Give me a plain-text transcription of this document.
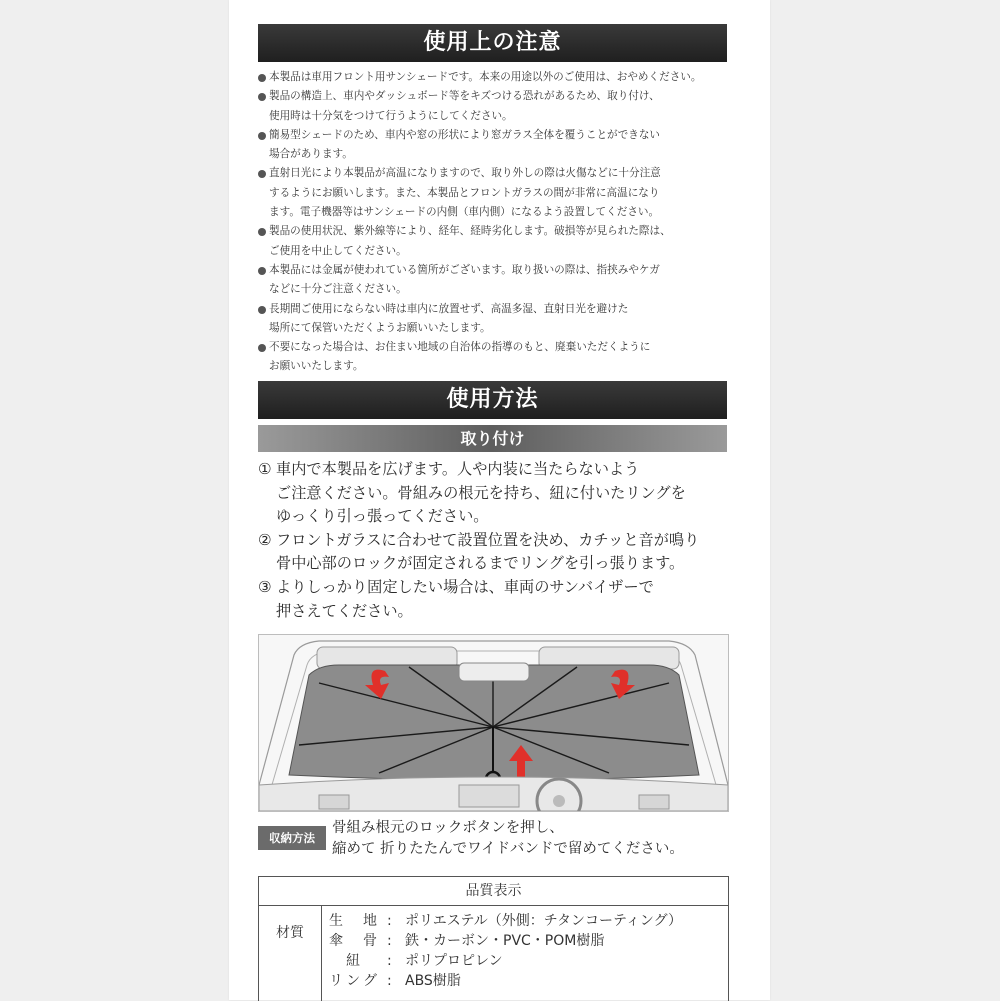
使用上の注意
本製品は車用フロント用サンシェードです。本来の用途以外のご使用は、おやめください。
製品の構造上、車内やダッシュボード等をキズつける恐れがあるため、取り付け、
使用時は十分気をつけて行うようにしてください。
簡易型シェードのため、車内や窓の形状により窓ガラス全体を覆うことができない
場合があります。
直射日光により本製品が高温になりますので、取り外しの際は火傷などに十分注意
するようにお願いします。また、本製品とフロントガラスの間が非常に高温になり
ます。電子機器等はサンシェードの内側（車内側）になるよう設置してください。
製品の使用状況、紫外線等により、経年、経時劣化します。破損等が見られた際は、
ご使用を中止してください。
本製品には金属が使われている箇所がございます。取り扱いの際は、指挟みやケガ
などに十分ご注意ください。
長期間ご使用にならない時は車内に放置せず、高温多湿、直射日光を避けた
場所にて保管いただくようお願いいたします。
不要になった場合は、お住まい地域の自治体の指導のもと、廃棄いただくように
お願いいたします。
使用方法
取り付け
① 車内で本製品を広げます。人や内装に当たらないよう
ご注意ください。骨組みの根元を持ち、紐に付いたリングを
ゆっくり引っ張ってください。
② フロントガラスに合わせて設置位置を決め、カチッと音が鳴り
骨中心部のロックが固定されるまでリングを引っ張ります。
③ よりしっかり固定したい場合は、車両のサンバイザーで
押さえてください。
収納方法
骨組み根元のロックボタンを押し、
縮めて 折りたたんでワイドバンドで留めてください。
品質表示
材質
生 地 : ポリエステル（外側：チタンコーティング）
傘 骨 : 鉄・カーボン・PVC・POM樹脂
紐	: ポリプロピレン
リング : ABS樹脂
